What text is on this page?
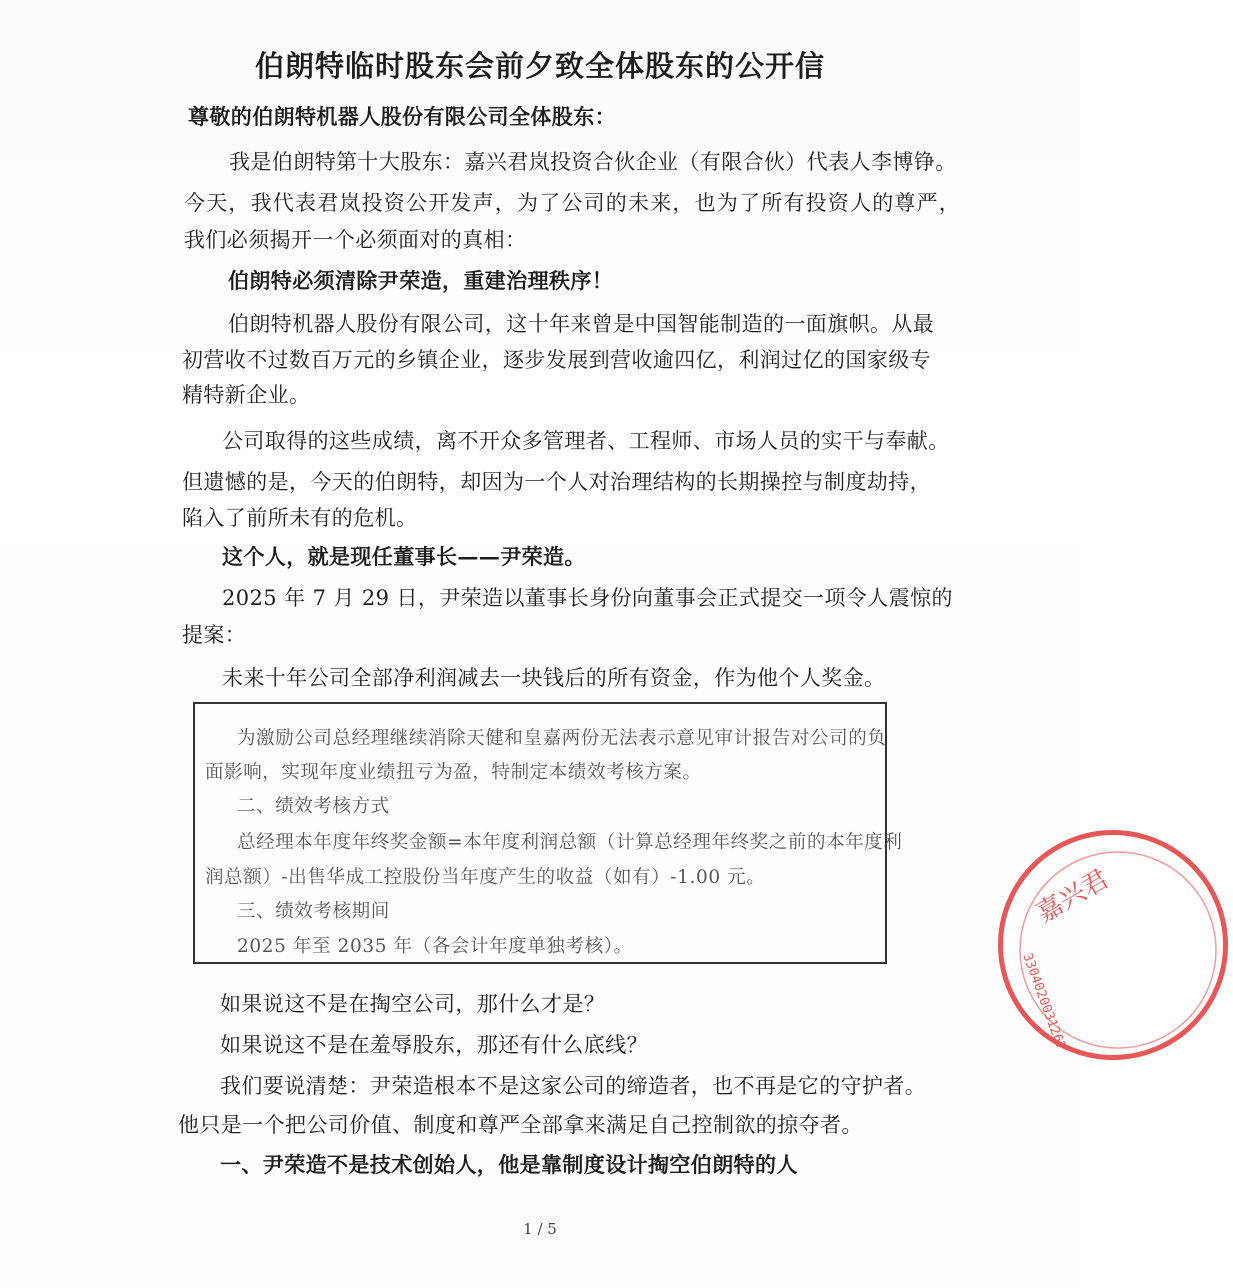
伯朗特临时股东会前夕致全体股东的公开信
尊敬的伯朗特机器人股份有限公司全体股东：
我是伯朗特第十大股东：嘉兴君岚投资合伙企业（有限合伙）代表人李博铮。
今天，我代表君岚投资公开发声，为了公司的未来，也为了所有投资人的尊严，
我们必须揭开一个必须面对的真相：
伯朗特必须清除尹荣造，重建治理秩序！
伯朗特机器人股份有限公司，这十年来曾是中国智能制造的一面旗帜。从最
初营收不过数百万元的乡镇企业，逐步发展到营收逾四亿，利润过亿的国家级专
精特新企业。
公司取得的这些成绩，离不开众多管理者、工程师、市场人员的实干与奉献。
但遗憾的是，今天的伯朗特，却因为一个人对治理结构的长期操控与制度劫持，
陷入了前所未有的危机。
这个人，就是现任董事长——尹荣造。
2025 年 7 月 29 日，尹荣造以董事长身份向董事会正式提交一项令人震惊的
提案：
未来十年公司全部净利润减去一块钱后的所有资金，作为他个人奖金。
为激励公司总经理继续消除天健和皇嘉两份无法表示意见审计报告对公司的负
面影响，实现年度业绩扭亏为盈，特制定本绩效考核方案。
二、绩效考核方式
总经理本年度年终奖金额=本年度利润总额（计算总经理年终奖之前的本年度利
润总额）-出售华成工控股份当年度产生的收益（如有）-1.00 元。
三、绩效考核期间
2025 年至 2035 年（各会计年度单独考核）。
如果说这不是在掏空公司，那什么才是？
如果说这不是在羞辱股东，那还有什么底线？
我们要说清楚：尹荣造根本不是这家公司的缔造者，也不再是它的守护者。
他只是一个把公司价值、制度和尊严全部拿来满足自己控制欲的掠夺者。
一、尹荣造不是技术创始人，他是靠制度设计掏空伯朗特的人
嘉兴君
3304020031267
1 / 5
